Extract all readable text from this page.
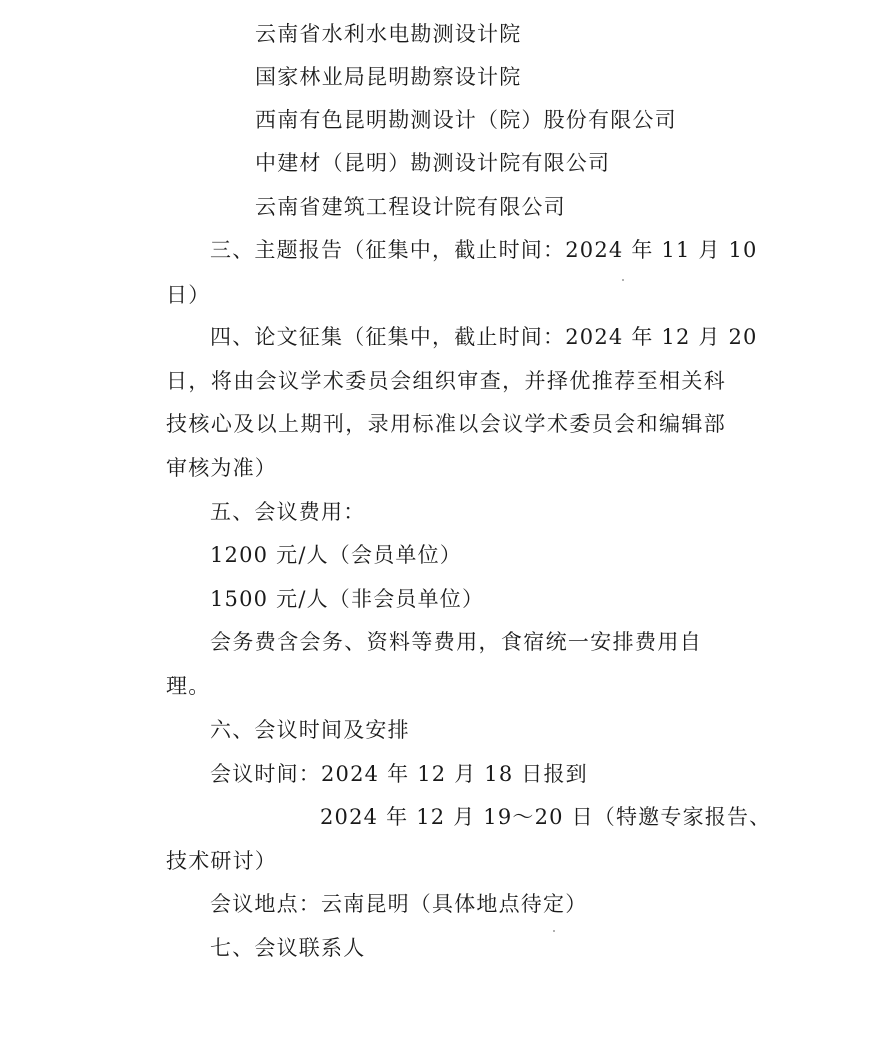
云南省水利水电勘测设计院
国家林业局昆明勘察设计院
西南有色昆明勘测设计（院）股份有限公司
中建材（昆明）勘测设计院有限公司
云南省建筑工程设计院有限公司
三、主题报告（征集中，截止时间：2024 年 11 月 10
日）
四、论文征集（征集中，截止时间：2024 年 12 月 20
日，将由会议学术委员会组织审查，并择优推荐至相关科
技核心及以上期刊，录用标准以会议学术委员会和编辑部
审核为准）
五、会议费用：
1200 元/人（会员单位）
1500 元/人（非会员单位）
会务费含会务、资料等费用，食宿统一安排费用自
理。
六、会议时间及安排
会议时间：2024 年 12 月 18 日报到
2024 年 12 月 19～20 日（特邀专家报告、
技术研讨）
会议地点：云南昆明（具体地点待定）
七、会议联系人
